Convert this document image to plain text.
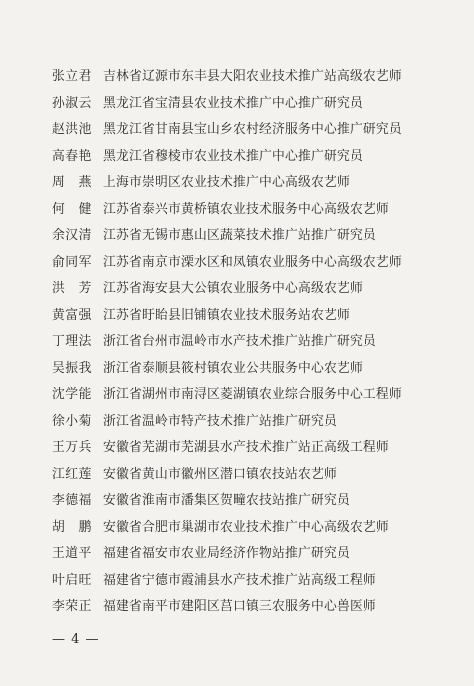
张立君 吉林省辽源市东丰县大阳农业技术推广站高级农艺师
孙淑云 黑龙江省宝清县农业技术推广中心推广研究员
赵洪池 黑龙江省甘南县宝山乡农村经济服务中心推广研究员
高春艳 黑龙江省穆棱市农业技术推广中心推广研究员
周　燕 上海市崇明区农业技术推广中心高级农艺师
何　健 江苏省泰兴市黄桥镇农业技术服务中心高级农艺师
余汉清 江苏省无锡市惠山区蔬菜技术推广站推广研究员
俞同军 江苏省南京市溧水区和凤镇农业服务中心高级农艺师
洪　芳 江苏省海安县大公镇农业服务中心高级农艺师
黄富强 江苏省盱眙县旧铺镇农业技术服务站农艺师
丁理法 浙江省台州市温岭市水产技术推广站推广研究员
吴振我 浙江省泰顺县筱村镇农业公共服务中心农艺师
沈学能 浙江省湖州市南浔区菱湖镇农业综合服务中心工程师
徐小菊 浙江省温岭市特产技术推广站推广研究员
王万兵 安徽省芜湖市芜湖县水产技术推广站正高级工程师
江红莲 安徽省黄山市徽州区潜口镇农技站农艺师
李德福 安徽省淮南市潘集区贺疃农技站推广研究员
胡　鹏 安徽省合肥市巢湖市农业技术推广中心高级农艺师
王道平 福建省福安市农业局经济作物站推广研究员
叶启旺 福建省宁德市霞浦县水产技术推广站高级工程师
李荣正 福建省南平市建阳区莒口镇三农服务中心兽医师
— 4 —
